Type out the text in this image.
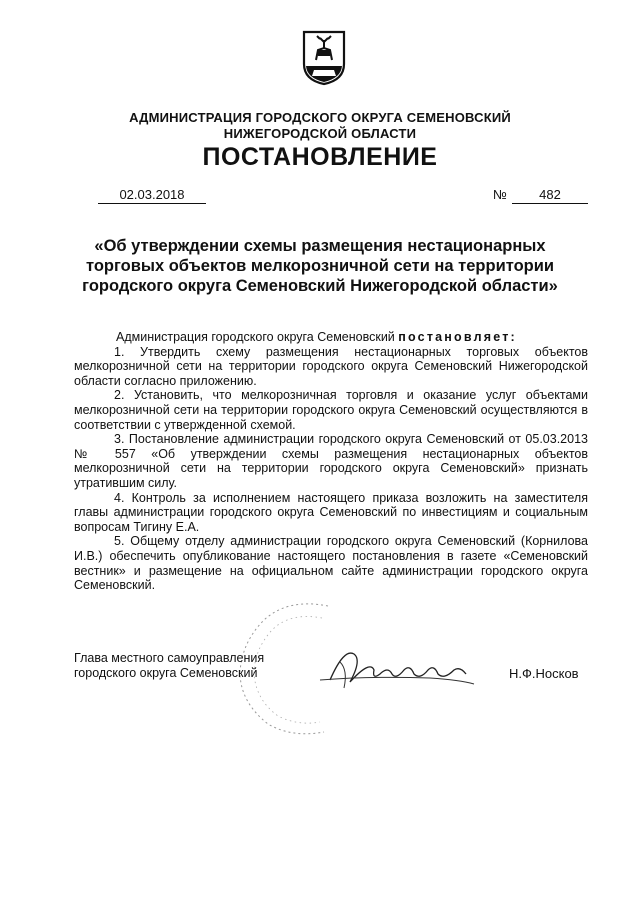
АДМИНИСТРАЦИЯ ГОРОДСКОГО ОКРУГА СЕМЕНОВСКИЙ
НИЖЕГОРОДСКОЙ ОБЛАСТИ
ПОСТАНОВЛЕНИЕ
02.03.2018	№	482
«Об утверждении схемы размещения нестационарных торговых объектов мелкорозничной сети на территории городского округа Семеновский Нижегородской области»

Администрация городского округа Семеновский постановляет:

1. Утвердить схему размещения нестационарных торговых объектов мелкорозничной сети на территории городского округа Семеновский Нижегородской области согласно приложению.

2. Установить, что мелкорозничная торговля и оказание услуг объектами мелкорозничной сети на территории городского округа Семеновский осуществляются в соответствии с утвержденной схемой.

3. Постановление администрации городского округа Семеновский от 05.03.2013 № 557 «Об утверждении схемы размещения нестационарных объектов мелкорозничной сети на территории городского округа Семеновский» признать утратившим силу.

4. Контроль за исполнением настоящего приказа возложить на заместителя главы администрации городского округа Семеновский по инвестициям и социальным вопросам Тигину Е.А.

5. Общему отделу администрации городского округа Семеновский (Корнилова И.В.) обеспечить опубликование настоящего постановления в газете «Семеновский вестник» и размещение на официальном сайте администрации городского округа Семеновский.

Глава местного самоуправления
городского округа Семеновский	Н.Ф.Носков
